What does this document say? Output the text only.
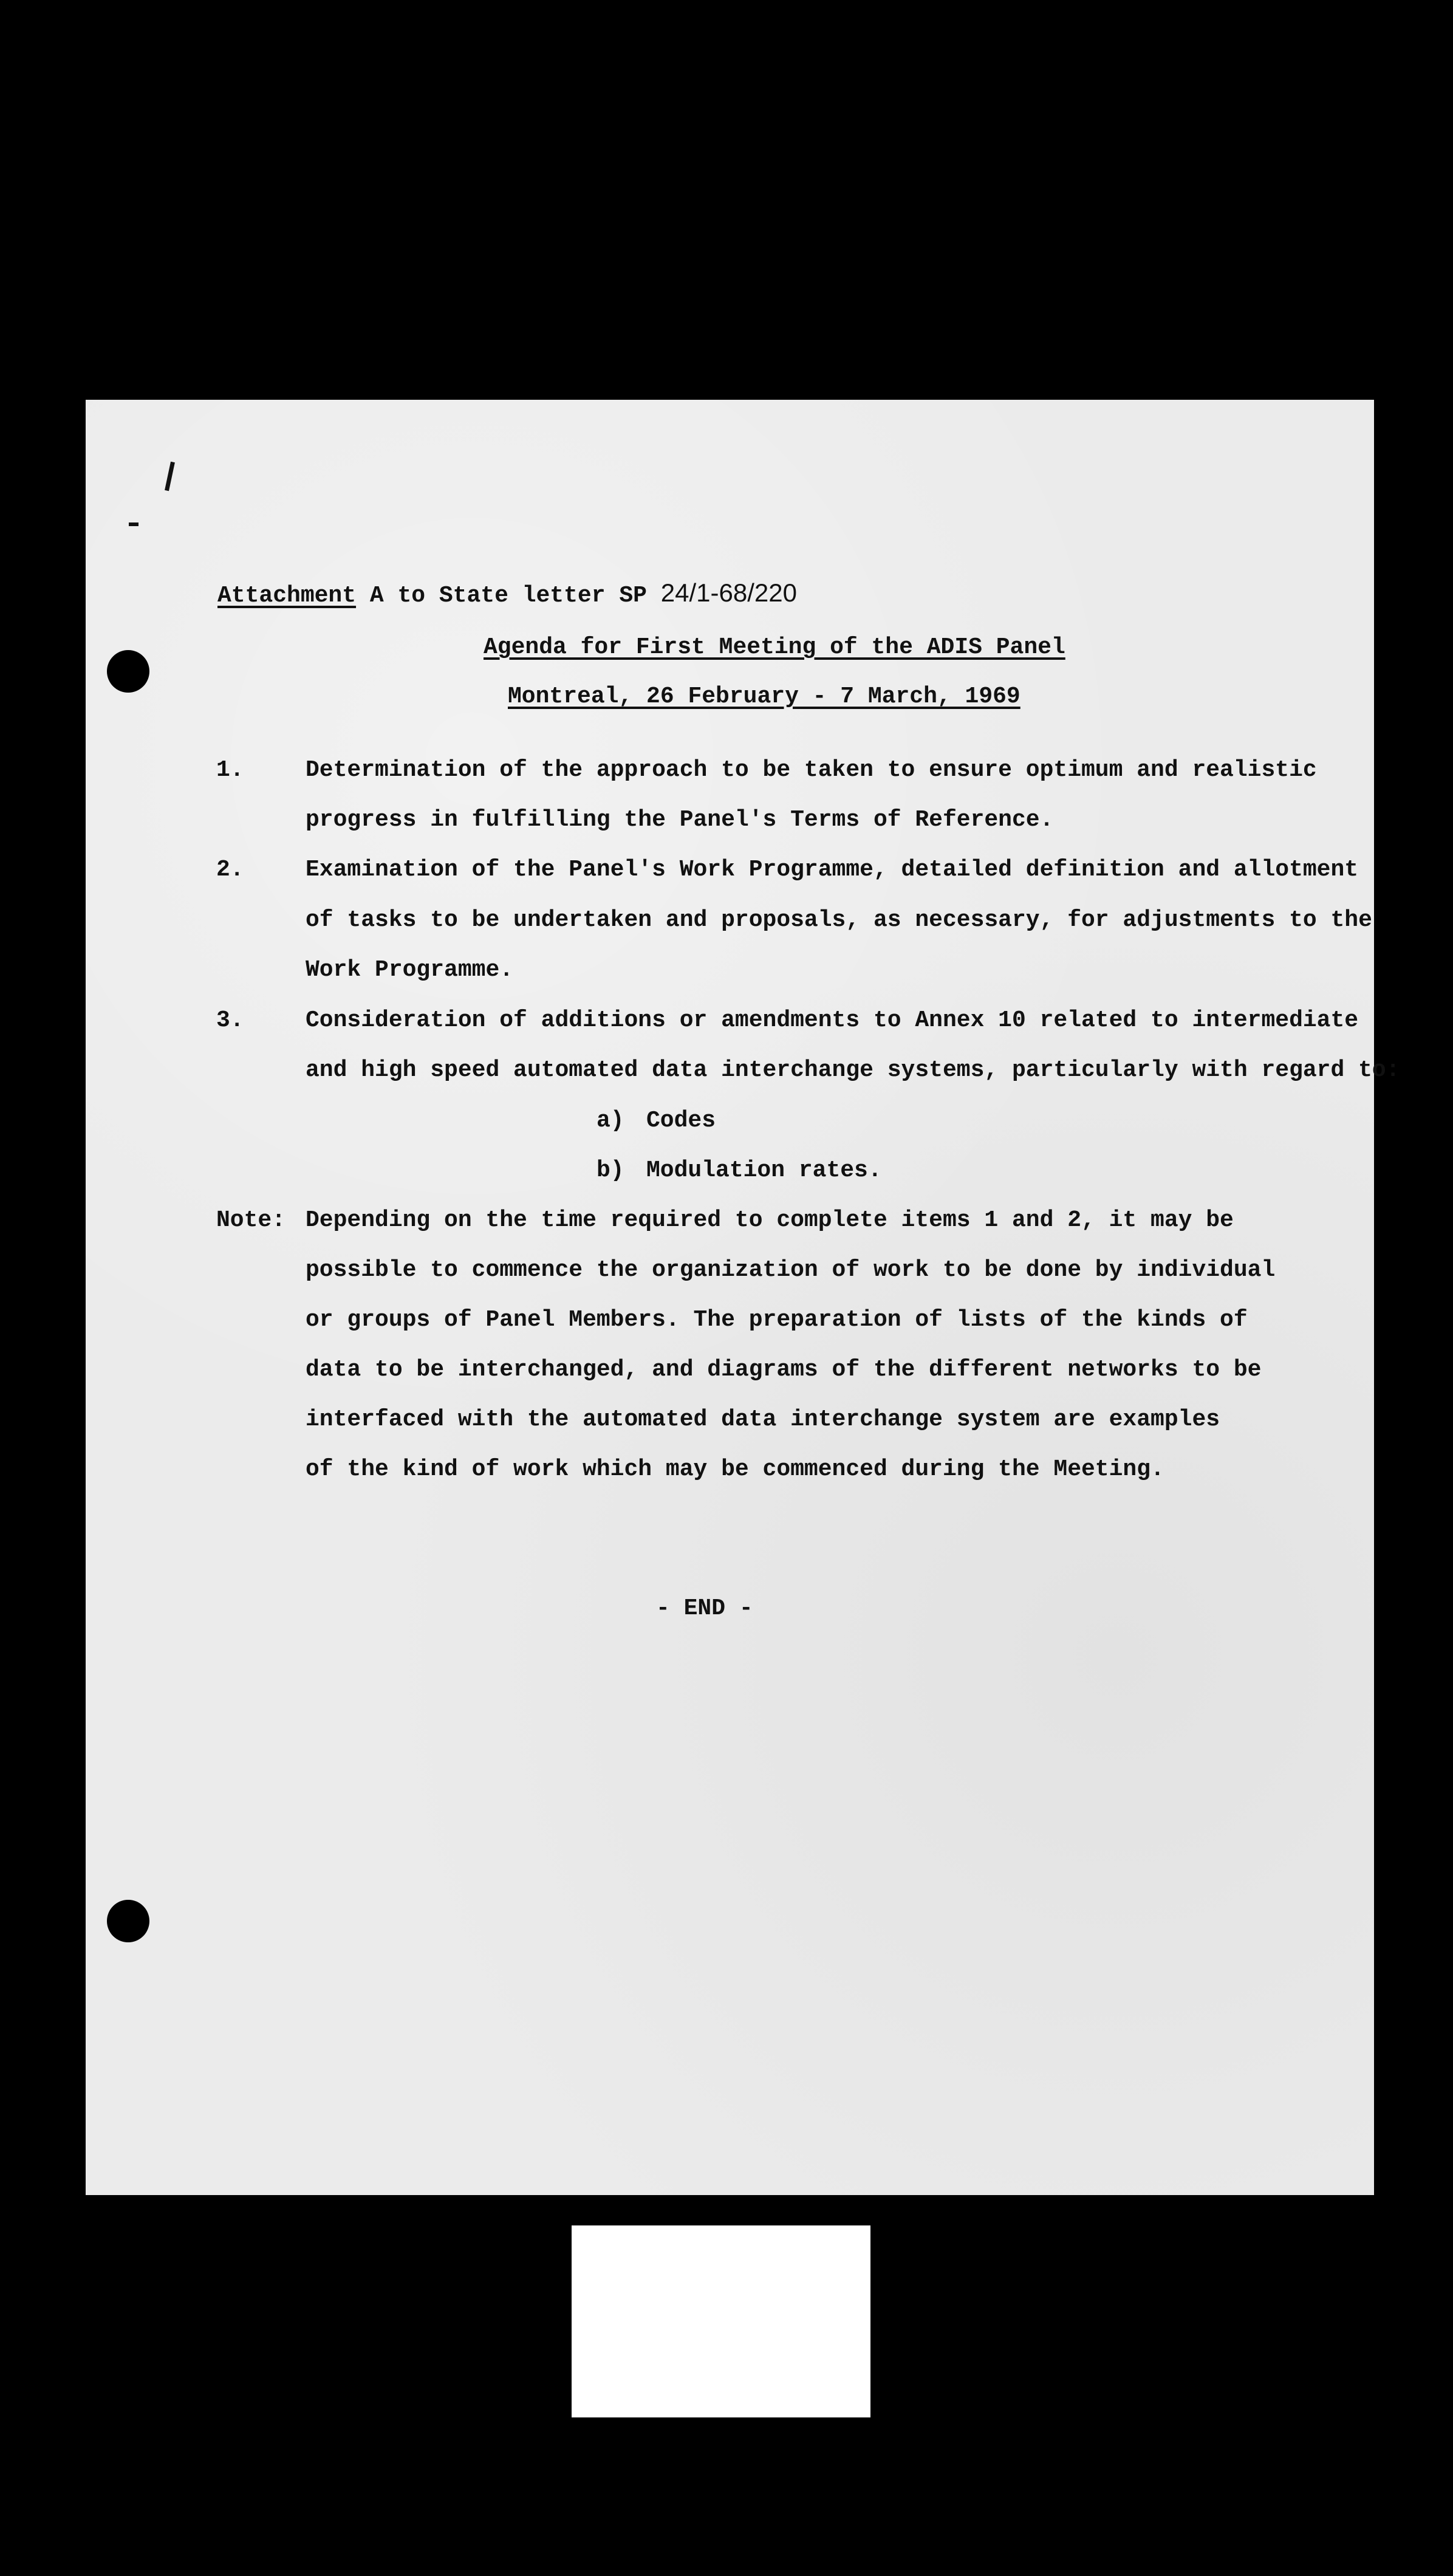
Attachment A to State letter SP 24/1-68/220
Agenda for First Meeting of the ADIS Panel
Montreal, 26 February - 7 March, 1969
1.	Determination of the approach to be taken to ensure optimum and realistic
progress in fulfilling the Panel's Terms of Reference.
2.	Examination of the Panel's Work Programme, detailed definition and allotment
of tasks to be undertaken and proposals, as necessary, for adjustments to the
Work Programme.
3.	Consideration of additions or amendments to Annex 10 related to intermediate
and high speed automated data interchange systems, particularly with regard to:
a) Codes
b) Modulation rates.
Note: Depending on the time required to complete items 1 and 2, it may be
possible to commence the organization of work to be done by individual
or groups of Panel Members. The preparation of lists of the kinds of
data to be interchanged, and diagrams of the different networks to be
interfaced with the automated data interchange system are examples
of the kind of work which may be commenced during the Meeting.
- END -
